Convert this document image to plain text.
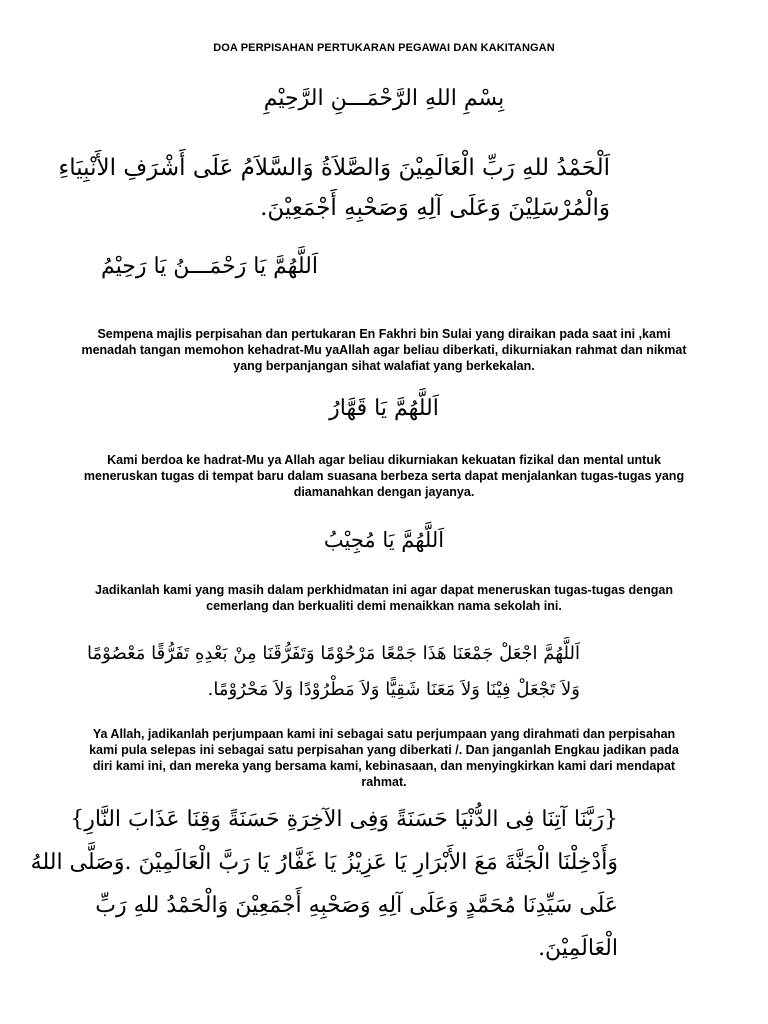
DOA PERPISAHAN PERTUKARAN PEGAWAI DAN KAKITANGAN
بِسْمِ اللهِ الرَّحْمَـــنِ الرَّحِيْمِ
اَلْحَمْدُ للهِ رَبِّ الْعَالَمِيْنَ وَالصَّلاَةُ وَالسَّلاَمُ عَلَى أَشْرَفِ الأَنْبِيَاءِ
وَالْمُرْسَلِيْنَ وَعَلَى آلِهِ وَصَحْبِهِ أَجْمَعِيْنَ.
اَللَّهُمَّ يَا رَحْمَـــنُ يَا رَحِيْمُ
Sempena majlis perpisahan dan pertukaran En Fakhri bin Sulai yang diraikan pada saat ini ,kami menadah tangan memohon kehadrat-Mu yaAllah agar beliau diberkati, dikurniakan rahmat dan nikmat yang berpanjangan sihat walafiat yang berkekalan.
اَللَّهُمَّ يَا قَهَّارُ
Kami berdoa ke hadrat-Mu ya Allah agar beliau dikurniakan kekuatan fizikal dan mental untuk meneruskan tugas di tempat baru dalam suasana berbeza serta dapat menjalankan tugas-tugas yang diamanahkan dengan jayanya.
اَللَّهُمَّ يَا مُجِيْبُ
Jadikanlah kami yang masih dalam perkhidmatan ini agar dapat meneruskan tugas-tugas dengan cemerlang dan berkualiti demi menaikkan nama sekolah ini.
اَللَّهُمَّ اجْعَلْ جَمْعَنَا هَذَا جَمْعًا مَرْحُوْمًا وَتَفَرُّقَنَا مِنْ بَعْدِهِ تَفَرُّقًا مَعْصُوْمًا
وَلاَ تَجْعَلْ فِيْنَا وَلاَ مَعَنَا شَقِيًّا وَلاَ مَطْرُوْدًا وَلاَ مَحْرُوْمًا.
Ya Allah, jadikanlah perjumpaan kami ini sebagai satu perjumpaan yang dirahmati dan perpisahan kami pula selepas ini sebagai satu perpisahan yang diberkati /. Dan janganlah Engkau jadikan pada diri kami ini, dan mereka yang bersama kami, kebinasaan, dan menyingkirkan kami dari mendapat rahmat.
{رَبَّنَا آتِنَا فِى الدُّنْيَا حَسَنَةً وَفِى الآخِرَةِ حَسَنَةً وَقِنَا عَذَابَ النَّارِ}
وَأَدْخِلْنَا الْجَنَّةَ مَعَ الأَبْرَارِ يَا عَزِيْزُ يَا غَفَّارُ يَا رَبَّ الْعَالَمِيْنَ .وَصَلَّى اللهُ
عَلَى سَيِّدِنَا مُحَمَّدٍ وَعَلَى آلِهِ وَصَحْبِهِ أَجْمَعِيْنَ وَالْحَمْدُ للهِ رَبِّ
الْعَالَمِيْنَ.
